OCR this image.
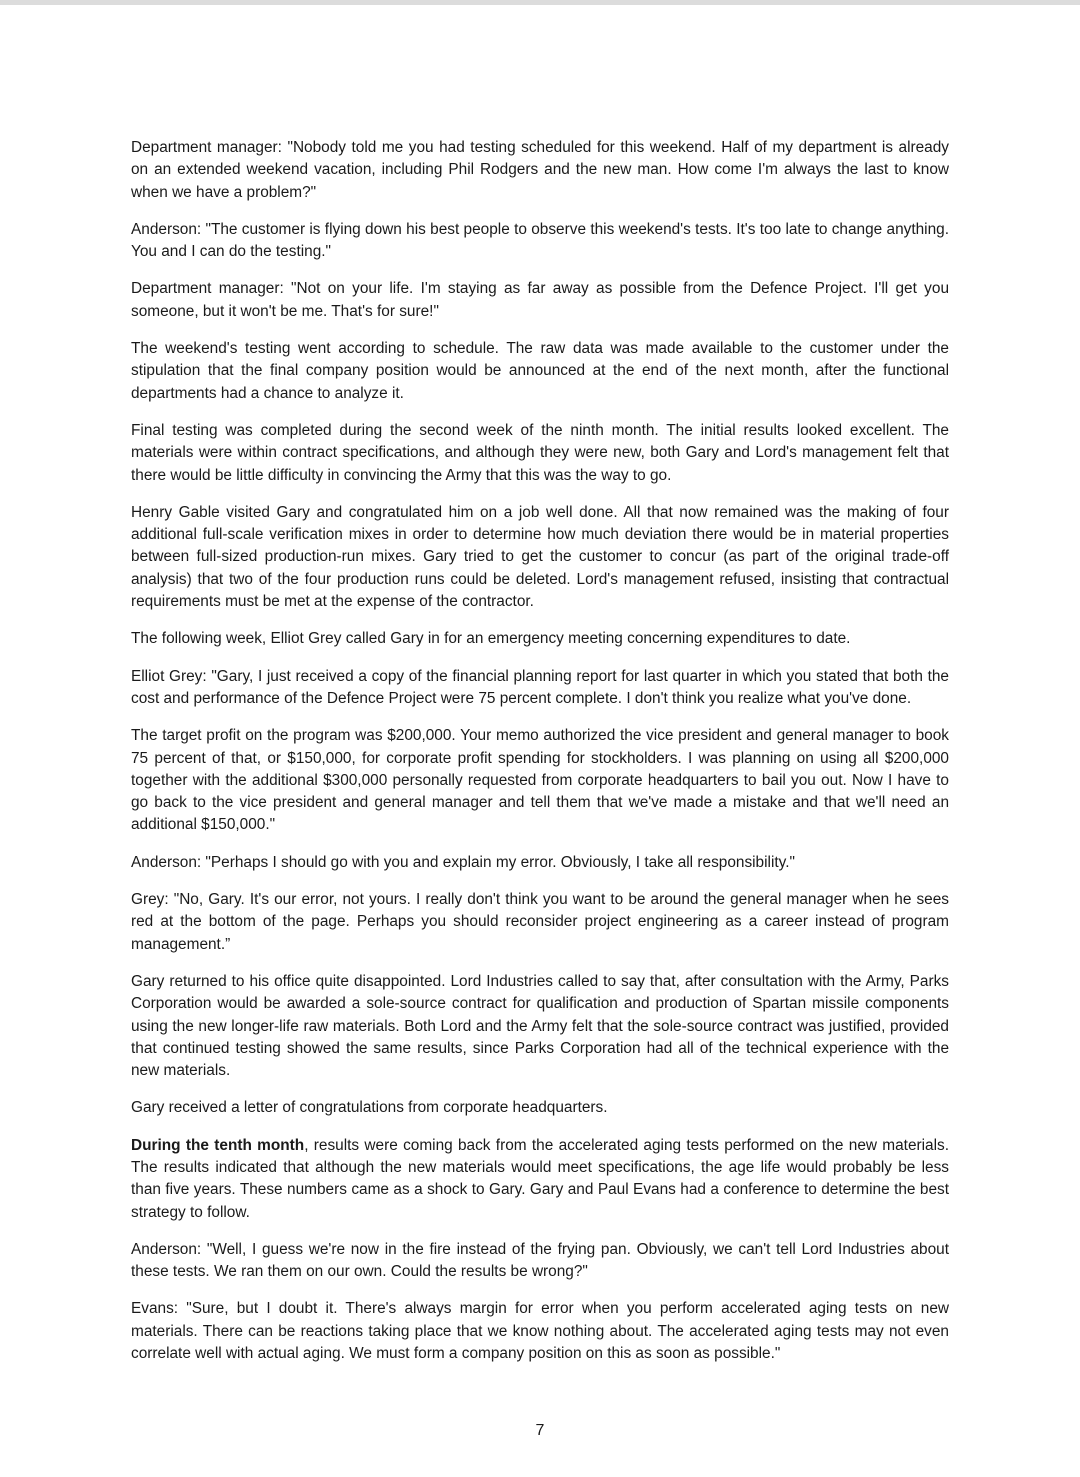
Department manager: "Nobody told me you had testing scheduled for this weekend. Half of my department is already on an extended weekend vacation, including Phil Rodgers and the new man. How come I'm always the last to know when we have a problem?"

Anderson: "The customer is flying down his best people to observe this weekend's tests. It's too late to change anything. You and I can do the testing."

Department manager: "Not on your life. I'm staying as far away as possible from the Defence Project. I'll get you someone, but it won't be me. That's for sure!"

The weekend's testing went according to schedule. The raw data was made available to the customer under the stipulation that the final company position would be announced at the end of the next month, after the functional departments had a chance to analyze it.

Final testing was completed during the second week of the ninth month. The initial results looked excellent. The materials were within contract specifications, and although they were new, both Gary and Lord's management felt that there would be little difficulty in convincing the Army that this was the way to go.

Henry Gable visited Gary and congratulated him on a job well done. All that now remained was the making of four additional full-scale verification mixes in order to determine how much deviation there would be in material properties between full-sized production-run mixes. Gary tried to get the customer to concur (as part of the original trade-off analysis) that two of the four production runs could be deleted. Lord's management refused, insisting that contractual requirements must be met at the expense of the contractor.

The following week, Elliot Grey called Gary in for an emergency meeting concerning expenditures to date.

Elliot Grey: "Gary, I just received a copy of the financial planning report for last quarter in which you stated that both the cost and performance of the Defence Project were 75 percent complete. I don't think you realize what you've done.

The target profit on the program was $200,000. Your memo authorized the vice president and general manager to book 75 percent of that, or $150,000, for corporate profit spending for stockholders. I was planning on using all $200,000 together with the additional $300,000 personally requested from corporate headquarters to bail you out. Now I have to go back to the vice president and general manager and tell them that we've made a mistake and that we'll need an additional $150,000."

Anderson: "Perhaps I should go with you and explain my error. Obviously, I take all responsibility."

Grey: "No, Gary. It's our error, not yours. I really don't think you want to be around the general manager when he sees red at the bottom of the page. Perhaps you should reconsider project engineering as a career instead of program management.”

Gary returned to his office quite disappointed. Lord Industries called to say that, after consultation with the Army, Parks Corporation would be awarded a sole-source contract for qualification and production of Spartan missile components using the new longer-life raw materials. Both Lord and the Army felt that the sole-source contract was justified, provided that continued testing showed the same results, since Parks Corporation had all of the technical experience with the new materials.

Gary received a letter of congratulations from corporate headquarters.

During the tenth month, results were coming back from the accelerated aging tests performed on the new materials. The results indicated that although the new materials would meet specifications, the age life would probably be less than five years. These numbers came as a shock to Gary. Gary and Paul Evans had a conference to determine the best strategy to follow.

Anderson: "Well, I guess we're now in the fire instead of the frying pan. Obviously, we can't tell Lord Industries about these tests. We ran them on our own. Could the results be wrong?"

Evans: "Sure, but I doubt it. There's always margin for error when you perform accelerated aging tests on new materials. There can be reactions taking place that we know nothing about. The accelerated aging tests may not even correlate well with actual aging. We must form a company position on this as soon as possible."

7
